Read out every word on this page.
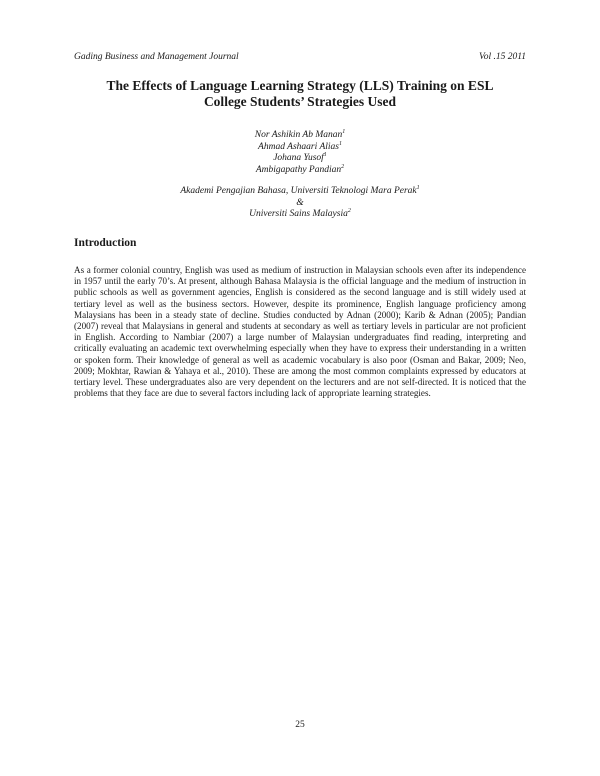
Gading Business and Management Journal	Vol .15 2011
The Effects of Language Learning Strategy (LLS) Training on ESL
College Students’ Strategies Used
Nor Ashikin Ab Manan$^1$
Ahmad Ashaari Alias$^1$
Johana Yusof$^1$
Ambigapathy Pandian$^2$
Akademi Pengajian Bahasa, Universiti Teknologi Mara Perak$^1$
&
Universiti Sains Malaysia$^2$
Introduction
As a former colonial country, English was used as medium of instruction in Malaysian schools even after its independence in 1957 until the early 70’s. At present, although Bahasa Malaysia is the official language and the medium of instruction in public schools as well as government agencies, English is considered as the second language and is still widely used at tertiary level as well as the business sectors. However, despite its prominence, English language proficiency among Malaysians has been in a steady state of decline. Studies conducted by Adnan (2000); Karib & Adnan (2005); Pandian (2007) reveal that Malaysians in general and students at secondary as well as tertiary levels in particular are not proficient in English. According to Nambiar (2007) a large number of Malaysian undergraduates find reading, interpreting and critically evaluating an academic text overwhelming especially when they have to express their understanding in a written or spoken form. Their knowledge of general as well as academic vocabulary is also poor (Osman and Bakar, 2009; Neo, 2009; Mokhtar, Rawian & Yahaya et al., 2010). These are among the most common complaints expressed by educators at tertiary level. These undergraduates also are very dependent on the lecturers and are not self-directed. It is noticed that the problems that they face are due to several factors including lack of appropriate learning strategies.
25
